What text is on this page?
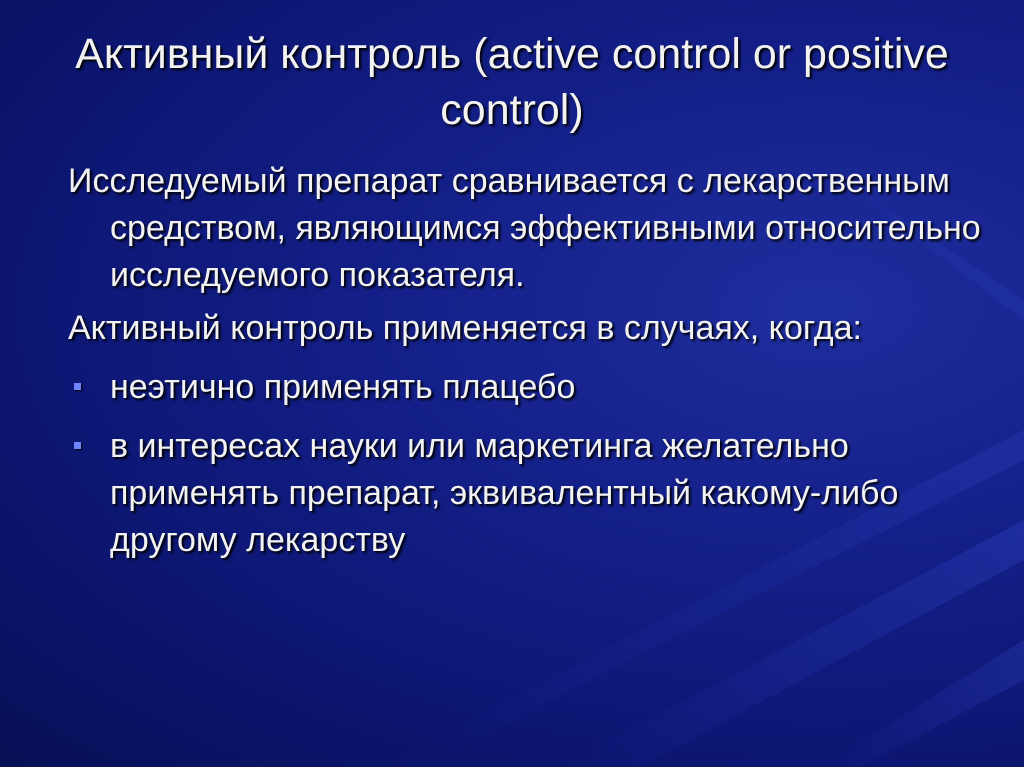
Активный контроль (active control or positive control)

Исследуемый препарат сравнивается с лекарственным средством, являющимся эффективными относительно исследуемого показателя.

Активный контроль применяется в случаях, когда:

неэтично применять плацебо
в интересах науки или маркетинга желательно применять препарат, эквивалентный какому-либо другому лекарству
